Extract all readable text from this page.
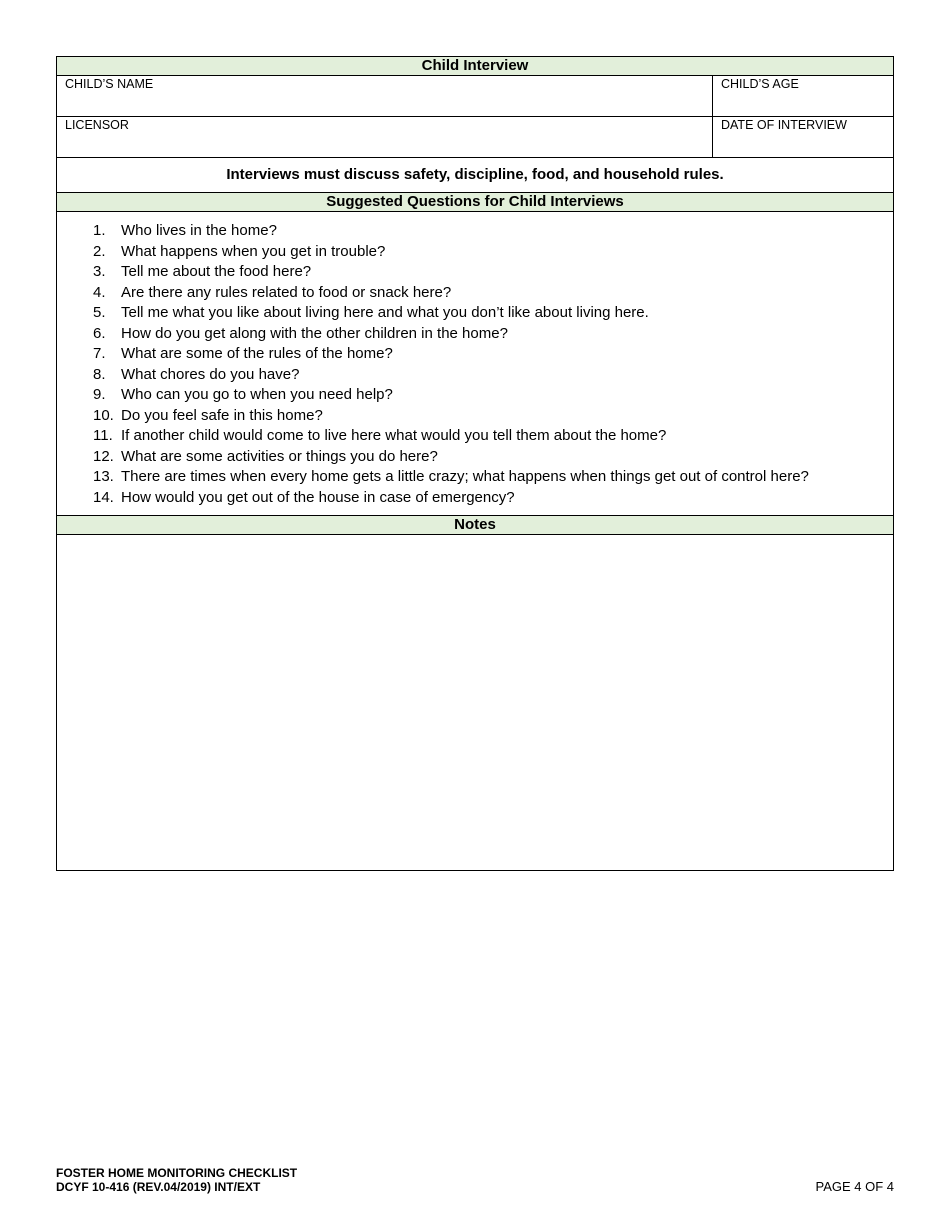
Child Interview
CHILD’S NAME	CHILD’S AGE
LICENSOR	DATE OF INTERVIEW
Interviews must discuss safety, discipline, food, and household rules.
Suggested Questions for Child Interviews
1.	Who lives in the home?
2.	What happens when you get in trouble?
3.	Tell me about the food here?
4.	Are there any rules related to food or snack here?
5.	Tell me what you like about living here and what you don’t like about living here.
6.	How do you get along with the other children in the home?
7.	What are some of the rules of the home?
8.	What chores do you have?
9.	Who can you go to when you need help?
10. Do you feel safe in this home?
11. If another child would come to live here what would you tell them about the home?
12. What are some activities or things you do here?
13. There are times when every home gets a little crazy; what happens when things get out of control here?
14. How would you get out of the house in case of emergency?
Notes
FOSTER HOME MONITORING CHECKLIST
DCYF 10-416 (REV.04/2019) INT/EXT	PAGE 4 OF 4
